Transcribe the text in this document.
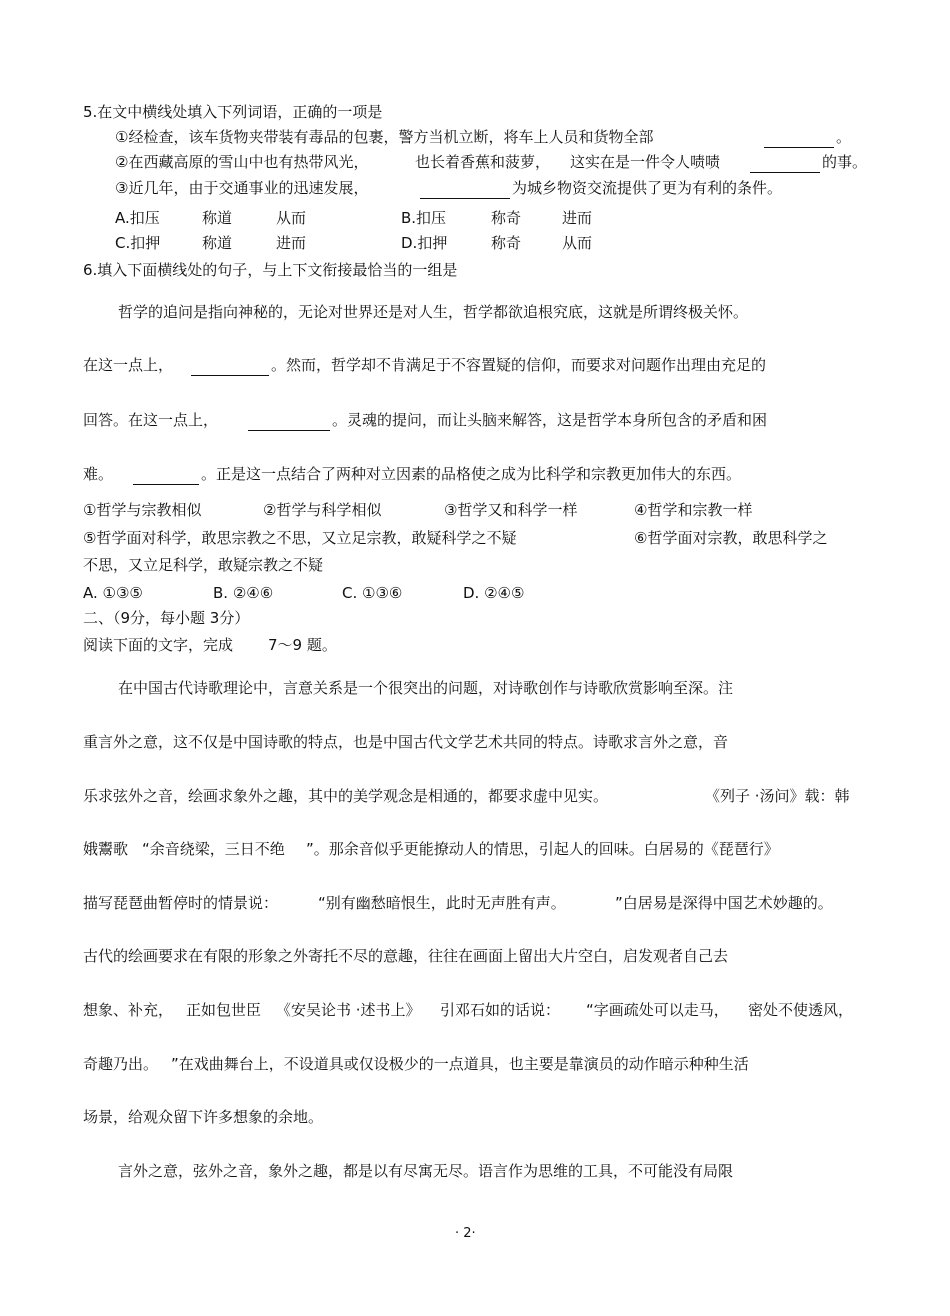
5.在文中横线处填入下列词语，正确的一项是
①经检查，该车货物夹带装有毒品的包裹，警方当机立断，将车上人员和货物全部	。
②在西藏高原的雪山中也有热带风光，	也长着香蕉和菠萝， 这实在是一件令人啧啧	的事。
③近几年，由于交通事业的迅速发展，	为城乡物资交流提供了更为有利的条件。
A.扣压	称道	从而	B.扣压	称奇	进而
C.扣押	称道	进而	D.扣押	称奇	从而
6.填入下面横线处的句子，与上下文衔接最恰当的一组是
哲学的追问是指向神秘的，无论对世界还是对人生，哲学都欲追根究底，这就是所谓终极关怀。
在这一点上，	。然而，哲学却不肯满足于不容置疑的信仰，而要求对问题作出理由充足的
回答。在这一点上，	。灵魂的提问，而让头脑来解答，这是哲学本身所包含的矛盾和困
难。	。正是这一点结合了两种对立因素的品格使之成为比科学和宗教更加伟大的东西。
①哲学与宗教相似	②哲学与科学相似	③哲学又和科学一样	④哲学和宗教一样
⑤哲学面对科学，敢思宗教之不思，又立足宗教，敢疑科学之不疑	⑥哲学面对宗教，敢思科学之
不思，又立足科学，敢疑宗教之不疑
A. ①③⑤	B. ②④⑥	C. ①③⑥	D. ②④⑤
二、（9分，每小题 3分）
阅读下面的文字，完成 7～9 题。
在中国古代诗歌理论中，言意关系是一个很突出的问题，对诗歌创作与诗歌欣赏影响至深。注
重言外之意，这不仅是中国诗歌的特点，也是中国古代文学艺术共同的特点。诗歌求言外之意，音
乐求弦外之音，绘画求象外之趣，其中的美学观念是相通的，都要求虚中见实。	《列子 ·汤问》载：韩
娥鬻歌 “余音绕梁，三日不绝 ”。那余音似乎更能撩动人的情思，引起人的回味。白居易的《琵琶行》
描写琵琶曲暂停时的情景说：	“别有幽愁暗恨生，此时无声胜有声。	”白居易是深得中国艺术妙趣的。
古代的绘画要求在有限的形象之外寄托不尽的意趣，往往在画面上留出大片空白，启发观者自己去
想象、补充， 正如包世臣 《安吴论书 ·述书上》 引邓石如的话说： “字画疏处可以走马， 密处不使透风，
奇趣乃出。 ”在戏曲舞台上，不设道具或仅设极少的一点道具，也主要是靠演员的动作暗示种种生活
场景，给观众留下许多想象的余地。
言外之意，弦外之音，象外之趣，都是以有尽寓无尽。语言作为思维的工具，不可能没有局限
· 2·
